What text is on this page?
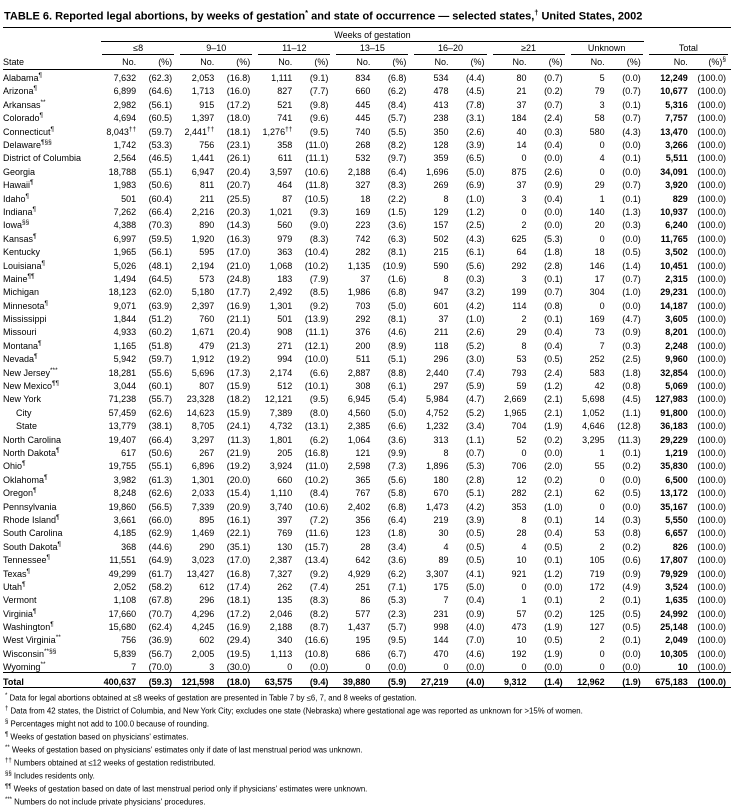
TABLE 6. Reported legal abortions, by weeks of gestation* and state of occurrence — selected states,† United States, 2002

	Weeks of gestation															

	≤8		9–10		11–12		13–15		16–20		≥21		Unknown		Total	

State	No.	(%)	No.	(%)	No.	(%)	No.	(%)	No.	(%)	No.	(%)	No.	(%)	No.	(%)§
Alabama¶	7,632	(62.3)	2,053	(16.8)	1,111	(9.1)	834	(6.8)	534	(4.4)	80	(0.7)	5	(0.0)	12,249	(100.0)
Arizona¶	6,899	(64.6)	1,713	(16.0)	827	(7.7)	660	(6.2)	478	(4.5)	21	(0.2)	79	(0.7)	10,677	(100.0)
Arkansas**	2,982	(56.1)	915	(17.2)	521	(9.8)	445	(8.4)	413	(7.8)	37	(0.7)	3	(0.1)	5,316	(100.0)
Colorado¶	4,694	(60.5)	1,397	(18.0)	741	(9.6)	445	(5.7)	238	(3.1)	184	(2.4)	58	(0.7)	7,757	(100.0)
Connecticut¶	8,043††	(59.7)	2,441††	(18.1)	1,276††	(9.5)	740	(5.5)	350	(2.6)	40	(0.3)	580	(4.3)	13,470	(100.0)
Delaware¶§§	1,742	(53.3)	756	(23.1)	358	(11.0)	268	(8.2)	128	(3.9)	14	(0.4)	0	(0.0)	3,266	(100.0)
District of Columbia	2,564	(46.5)	1,441	(26.1)	611	(11.1)	532	(9.7)	359	(6.5)	0	(0.0)	4	(0.1)	5,511	(100.0)
Georgia	18,788	(55.1)	6,947	(20.4)	3,597	(10.6)	2,188	(6.4)	1,696	(5.0)	875	(2.6)	0	(0.0)	34,091	(100.0)
Hawaii¶	1,983	(50.6)	811	(20.7)	464	(11.8)	327	(8.3)	269	(6.9)	37	(0.9)	29	(0.7)	3,920	(100.0)
Idaho¶	501	(60.4)	211	(25.5)	87	(10.5)	18	(2.2)	8	(1.0)	3	(0.4)	1	(0.1)	829	(100.0)
Indiana¶	7,262	(66.4)	2,216	(20.3)	1,021	(9.3)	169	(1.5)	129	(1.2)	0	(0.0)	140	(1.3)	10,937	(100.0)
Iowa§§	4,388	(70.3)	890	(14.3)	560	(9.0)	223	(3.6)	157	(2.5)	2	(0.0)	20	(0.3)	6,240	(100.0)
Kansas¶	6,997	(59.5)	1,920	(16.3)	979	(8.3)	742	(6.3)	502	(4.3)	625	(5.3)	0	(0.0)	11,765	(100.0)
Kentucky	1,965	(56.1)	595	(17.0)	363	(10.4)	282	(8.1)	215	(6.1)	64	(1.8)	18	(0.5)	3,502	(100.0)
Louisiana¶	5,026	(48.1)	2,194	(21.0)	1,068	(10.2)	1,135	(10.9)	590	(5.6)	292	(2.8)	146	(1.4)	10,451	(100.0)
Maine¶¶	1,494	(64.5)	573	(24.8)	183	(7.9)	37	(1.6)	8	(0.3)	3	(0.1)	17	(0.7)	2,315	(100.0)
Michigan	18,123	(62.0)	5,180	(17.7)	2,492	(8.5)	1,986	(6.8)	947	(3.2)	199	(0.7)	304	(1.0)	29,231	(100.0)
Minnesota¶	9,071	(63.9)	2,397	(16.9)	1,301	(9.2)	703	(5.0)	601	(4.2)	114	(0.8)	0	(0.0)	14,187	(100.0)
Mississippi	1,844	(51.2)	760	(21.1)	501	(13.9)	292	(8.1)	37	(1.0)	2	(0.1)	169	(4.7)	3,605	(100.0)
Missouri	4,933	(60.2)	1,671	(20.4)	908	(11.1)	376	(4.6)	211	(2.6)	29	(0.4)	73	(0.9)	8,201	(100.0)
Montana¶	1,165	(51.8)	479	(21.3)	271	(12.1)	200	(8.9)	118	(5.2)	8	(0.4)	7	(0.3)	2,248	(100.0)
Nevada¶	5,942	(59.7)	1,912	(19.2)	994	(10.0)	511	(5.1)	296	(3.0)	53	(0.5)	252	(2.5)	9,960	(100.0)
New Jersey***	18,281	(55.6)	5,696	(17.3)	2,174	(6.6)	2,887	(8.8)	2,440	(7.4)	793	(2.4)	583	(1.8)	32,854	(100.0)
New Mexico¶¶	3,044	(60.1)	807	(15.9)	512	(10.1)	308	(6.1)	297	(5.9)	59	(1.2)	42	(0.8)	5,069	(100.0)
New York	71,238	(55.7)	23,328	(18.2)	12,121	(9.5)	6,945	(5.4)	5,984	(4.7)	2,669	(2.1)	5,698	(4.5)	127,983	(100.0)
City	57,459	(62.6)	14,623	(15.9)	7,389	(8.0)	4,560	(5.0)	4,752	(5.2)	1,965	(2.1)	1,052	(1.1)	91,800	(100.0)
State	13,779	(38.1)	8,705	(24.1)	4,732	(13.1)	2,385	(6.6)	1,232	(3.4)	704	(1.9)	4,646	(12.8)	36,183	(100.0)
North Carolina	19,407	(66.4)	3,297	(11.3)	1,801	(6.2)	1,064	(3.6)	313	(1.1)	52	(0.2)	3,295	(11.3)	29,229	(100.0)
North Dakota¶	617	(50.6)	267	(21.9)	205	(16.8)	121	(9.9)	8	(0.7)	0	(0.0)	1	(0.1)	1,219	(100.0)
Ohio¶	19,755	(55.1)	6,896	(19.2)	3,924	(11.0)	2,598	(7.3)	1,896	(5.3)	706	(2.0)	55	(0.2)	35,830	(100.0)
Oklahoma¶	3,982	(61.3)	1,301	(20.0)	660	(10.2)	365	(5.6)	180	(2.8)	12	(0.2)	0	(0.0)	6,500	(100.0)
Oregon¶	8,248	(62.6)	2,033	(15.4)	1,110	(8.4)	767	(5.8)	670	(5.1)	282	(2.1)	62	(0.5)	13,172	(100.0)
Pennsylvania	19,860	(56.5)	7,339	(20.9)	3,740	(10.6)	2,402	(6.8)	1,473	(4.2)	353	(1.0)	0	(0.0)	35,167	(100.0)
Rhode Island¶	3,661	(66.0)	895	(16.1)	397	(7.2)	356	(6.4)	219	(3.9)	8	(0.1)	14	(0.3)	5,550	(100.0)
South Carolina	4,185	(62.9)	1,469	(22.1)	769	(11.6)	123	(1.8)	30	(0.5)	28	(0.4)	53	(0.8)	6,657	(100.0)
South Dakota¶	368	(44.6)	290	(35.1)	130	(15.7)	28	(3.4)	4	(0.5)	4	(0.5)	2	(0.2)	826	(100.0)
Tennessee¶	11,551	(64.9)	3,023	(17.0)	2,387	(13.4)	642	(3.6)	89	(0.5)	10	(0.1)	105	(0.6)	17,807	(100.0)
Texas¶	49,299	(61.7)	13,427	(16.8)	7,327	(9.2)	4,929	(6.2)	3,307	(4.1)	921	(1.2)	719	(0.9)	79,929	(100.0)
Utah¶	2,052	(58.2)	612	(17.4)	262	(7.4)	251	(7.1)	175	(5.0)	0	(0.0)	172	(4.9)	3,524	(100.0)
Vermont	1,108	(67.8)	296	(18.1)	135	(8.3)	86	(5.3)	7	(0.4)	1	(0.1)	2	(0.1)	1,635	(100.0)
Virginia¶	17,660	(70.7)	4,296	(17.2)	2,046	(8.2)	577	(2.3)	231	(0.9)	57	(0.2)	125	(0.5)	24,992	(100.0)
Washington¶	15,680	(62.4)	4,245	(16.9)	2,188	(8.7)	1,437	(5.7)	998	(4.0)	473	(1.9)	127	(0.5)	25,148	(100.0)
West Virginia**	756	(36.9)	602	(29.4)	340	(16.6)	195	(9.5)	144	(7.0)	10	(0.5)	2	(0.1)	2,049	(100.0)
Wisconsin**§§	5,839	(56.7)	2,005	(19.5)	1,113	(10.8)	686	(6.7)	470	(4.6)	192	(1.9)	0	(0.0)	10,305	(100.0)
Wyoming**	7	(70.0)	3	(30.0)	0	(0.0)	0	(0.0)	0	(0.0)	0	(0.0)	0	(0.0)	10	(100.0)
Total	400,637	(59.3)	121,598	(18.0)	63,575	(9.4)	39,880	(5.9)	27,219	(4.0)	9,312	(1.4)	12,962	(1.9)	675,183	(100.0)
* Data for legal abortions obtained at ≤8 weeks of gestation are presented in Table 7 by ≤6, 7, and 8 weeks of gestation.
† Data from 42 states, the District of Columbia, and New York City; excludes one state (Nebraska) where gestational age was reported as unknown for >15% of women.
§ Percentages might not add to 100.0 because of rounding.
¶ Weeks of gestation based on physicians' estimates.
** Weeks of gestation based on physicians' estimates only if date of last menstrual period was unknown.
†† Numbers obtained at ≤12 weeks of gestation redistributed.
§§ Includes residents only.
¶¶ Weeks of gestation based on date of last menstrual period only if physicians' estimates were unknown.
*** Numbers do not include private physicians' procedures.
